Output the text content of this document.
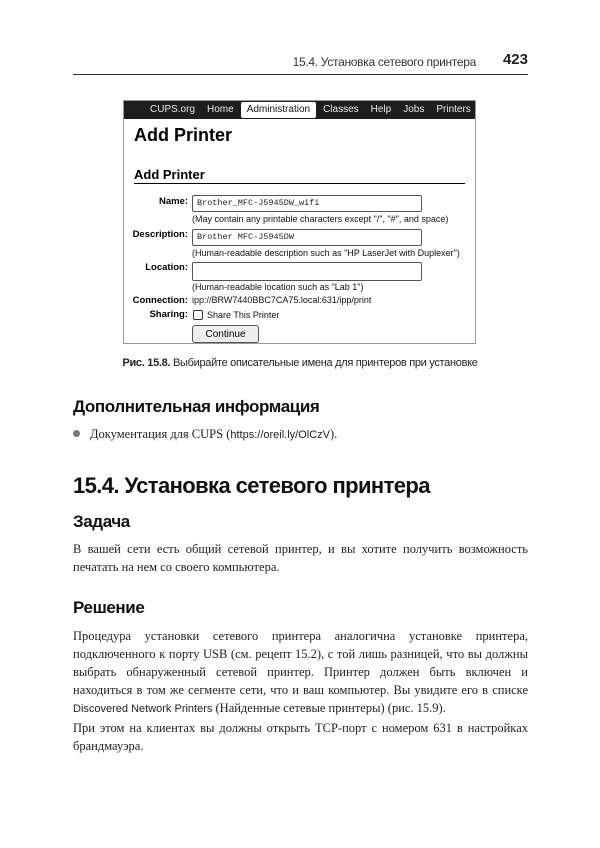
15.4. Установка сетевого принтера 423
CUPS.org	Home	Administration	Classes	Help	Jobs	Printers
Add Printer
Add Printer
Name:	Brother_MFC-J5945DW_wifi
(May contain any printable characters except "/", "#", and space)
Description:	Brother MFC-J5945DW
(Human-readable description such as "HP LaserJet with Duplexer")
Location:
(Human-readable location such as "Lab 1")
Connection: ipp://BRW7440BBC7CA75.local:631/ipp/print
Sharing: Share This Printer
Continue
Рис. 15.8. Выбирайте описательные имена для принтеров при установке
Дополнительная информация
Документация для CUPS (https://oreil.ly/OlCzV).
15.4. Установка сетевого принтера
Задача
В вашей сети есть общий сетевой принтер, и вы хотите получить возможность печатать на нем со своего компьютера.
Решение
Процедура установки сетевого принтера аналогична установке принтера, подключенного к порту USB (см. рецепт 15.2), с той лишь разницей, что вы должны выбрать обнаруженный сетевой принтер. Принтер должен быть включен и находиться в том же сегменте сети, что и ваш компьютер. Вы увидите его в списке Discovered Network Printers (Найденные сетевые принтеры) (рис. 15.9).
При этом на клиентах вы должны открыть TCP-порт с номером 631 в настройках брандмауэра.
